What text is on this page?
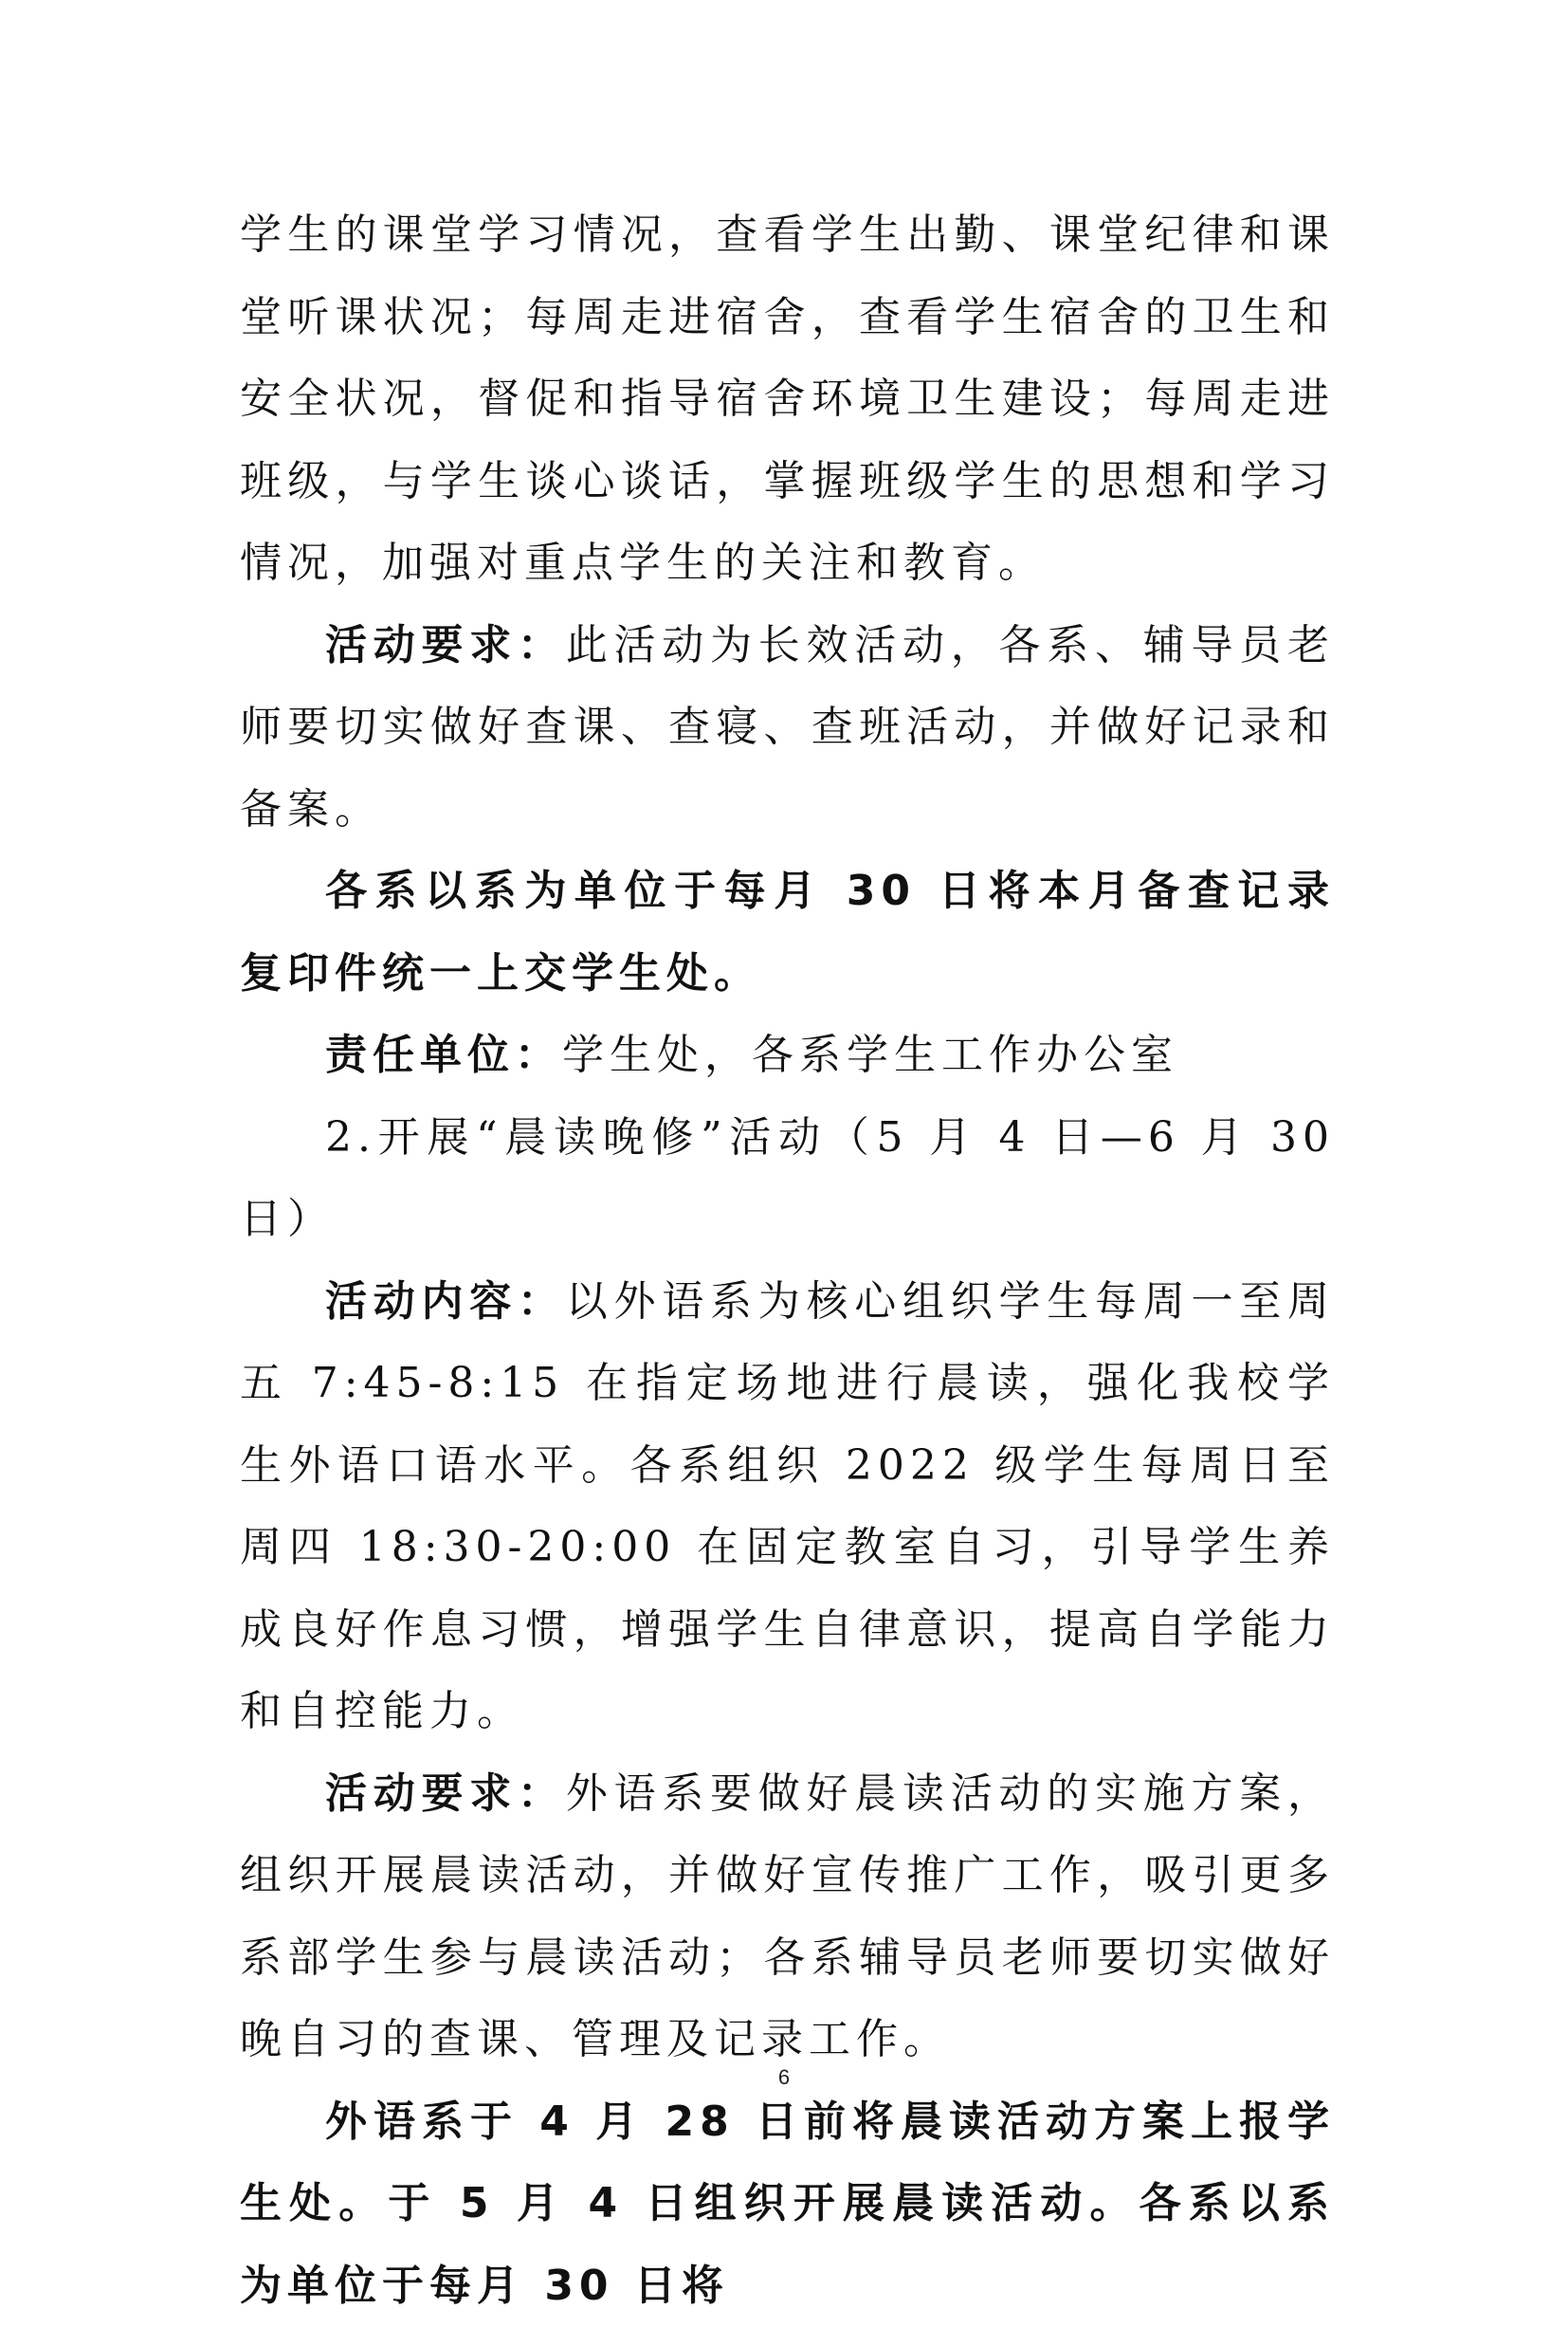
学生的课堂学习情况，查看学生出勤、课堂纪律和课堂听课状况；每周走进宿舍，查看学生宿舍的卫生和安全状况，督促和指导宿舍环境卫生建设；每周走进班级，与学生谈心谈话，掌握班级学生的思想和学习情况，加强对重点学生的关注和教育。

活动要求：此活动为长效活动，各系、辅导员老师要切实做好查课、查寝、查班活动，并做好记录和备案。

各系以系为单位于每月 30 日将本月备查记录复印件统一上交学生处。

责任单位：学生处，各系学生工作办公室

2.开展“晨读晚修”活动（5 月 4 日—6 月 30 日）

活动内容：以外语系为核心组织学生每周一至周五 7:45-8:15 在指定场地进行晨读，强化我校学生外语口语水平。各系组织 2022 级学生每周日至周四 18:30-20:00 在固定教室自习，引导学生养成良好作息习惯，增强学生自律意识，提高自学能力和自控能力。

活动要求：外语系要做好晨读活动的实施方案，组织开展晨读活动，并做好宣传推广工作，吸引更多系部学生参与晨读活动；各系辅导员老师要切实做好晚自习的查课、管理及记录工作。

外语系于 4 月 28 日前将晨读活动方案上报学生处。于 5 月 4 日组织开展晨读活动。各系以系为单位于每月 30 日将

6
